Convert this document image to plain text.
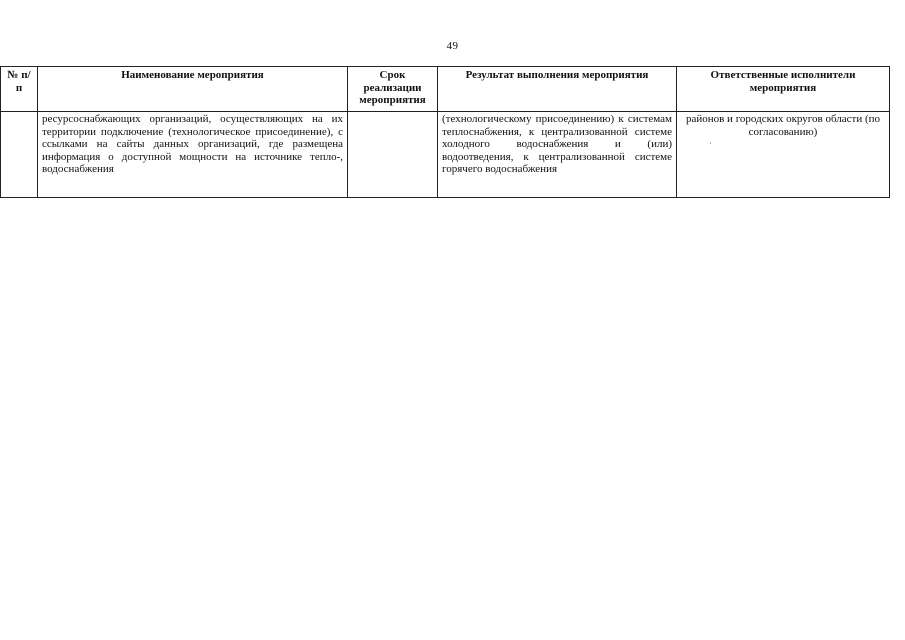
49
№ п/п	Наименование мероприятия	Срок реализации мероприятия	Результат выполнения мероприятия	Ответственные исполнители мероприятия
	ресурсоснабжающих организаций, осуществляющих на их территории подключение (технологическое присоединение), с ссылками на сайты данных организаций, где размещена информация о доступной мощности на источнике тепло-, водоснабжения		(технологическому присоединению) к системам теплоснабжения, к централизованной системе холодного водоснабжения и (или) водоотведения, к централизованной системе горячего водоснабжения	районов и городских округов области (по согласованию)
·
